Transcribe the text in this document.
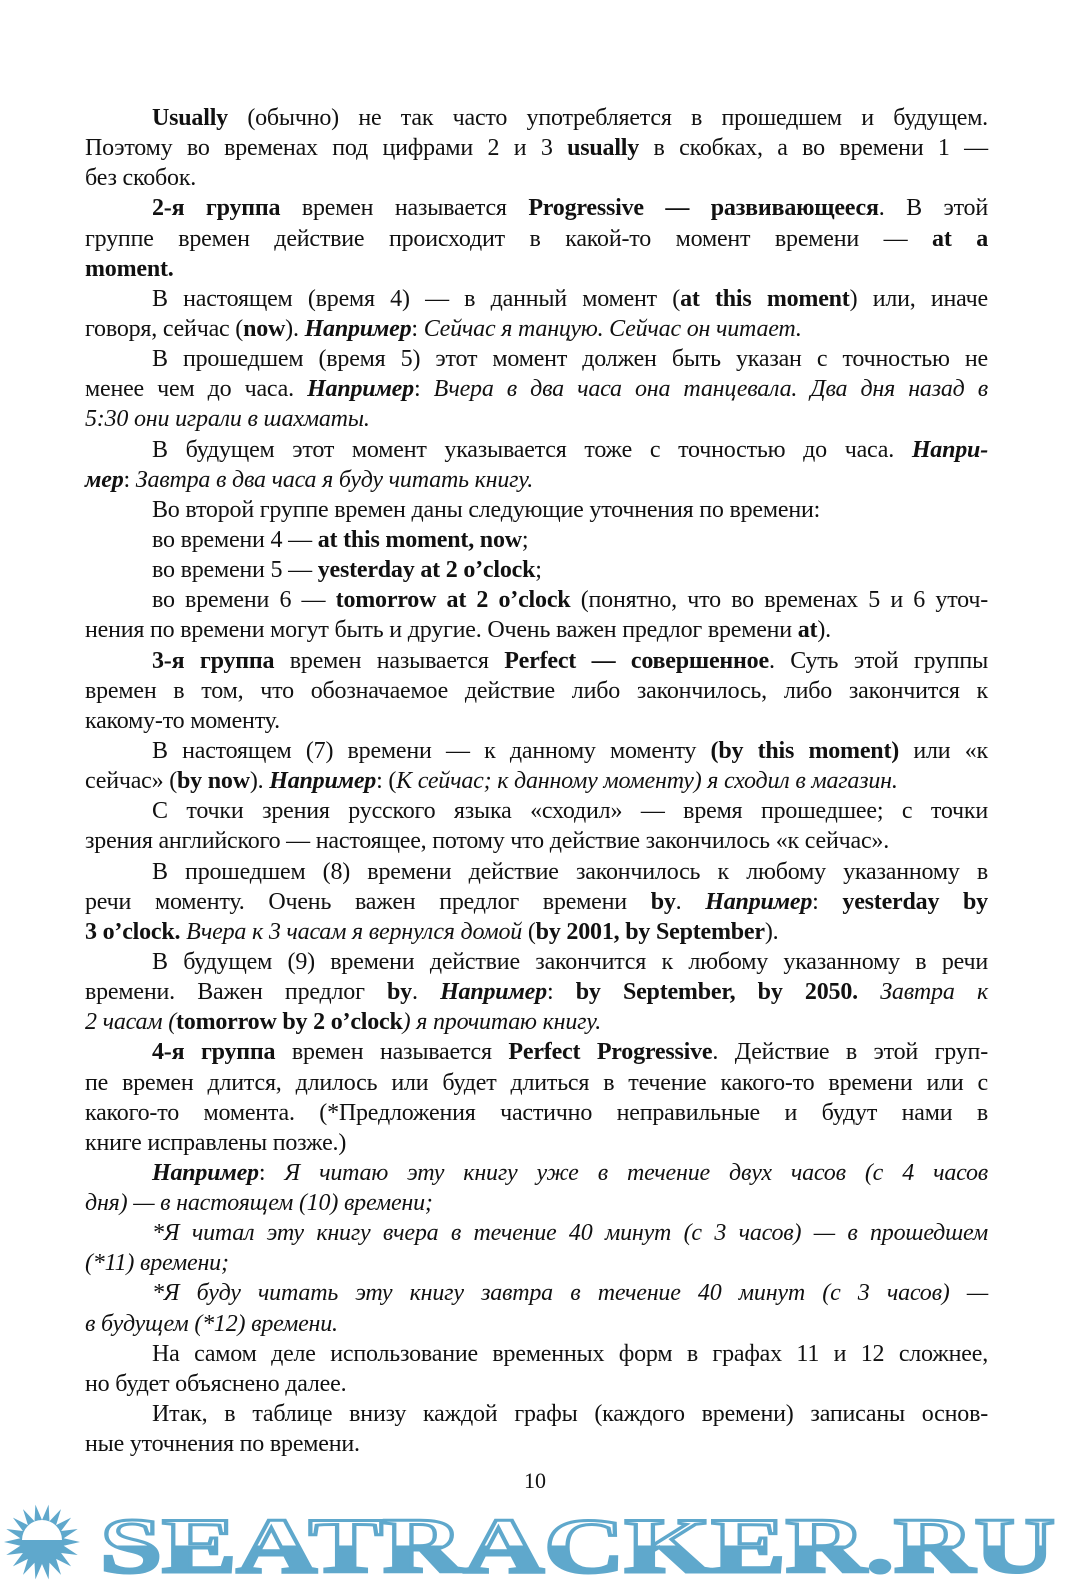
Usually (обычно) не так часто употребляется в прошедшем и будущем.
Поэтому во временах под цифрами 2 и 3 usually в скобках, а во времени 1 —
без скобок.
2-я группа времен называется Progressive — развивающееся. В этой
группе времен действие происходит в какой-то момент времени — at a
moment.
В настоящем (время 4) — в данный момент (at this moment) или, иначе
говоря, сейчас (now). Например: Сейчас я танцую. Сейчас он читает.
В прошедшем (время 5) этот момент должен быть указан с точностью не
менее чем до часа. Например: Вчера в два часа она танцевала. Два дня назад в
5:30 они играли в шахматы.
В будущем этот момент указывается тоже с точностью до часа. Напри-
мер: Завтра в два часа я буду читать книгу.
Во второй группе времен даны следующие уточнения по времени:
во времени 4 — at this moment, now;
во времени 5 — yesterday at 2 o’clock;
во времени 6 — tomorrow at 2 o’clock (понятно, что во временах 5 и 6 уточ-
нения по времени могут быть и другие. Очень важен предлог времени at).
3-я группа времен называется Perfect — совершенное. Суть этой группы
времен в том, что обозначаемое действие либо закончилось, либо закончится к
какому-то моменту.
В настоящем (7) времени — к данному моменту (by this moment) или «к
сейчас» (by now). Например: (К сейчас; к данному моменту) я сходил в магазин.
С точки зрения русского языка «сходил» — время прошедшее; с точки
зрения английского — настоящее, потому что действие закончилось «к сейчас».
В прошедшем (8) времени действие закончилось к любому указанному в
речи моменту. Очень важен предлог времени by. Например: yesterday by
3 o’clock. Вчера к 3 часам я вернулся домой (by 2001, by September).
В будущем (9) времени действие закончится к любому указанному в речи
времени. Важен предлог by. Например: by September, by 2050. Завтра к
2 часам (tomorrow by 2 o’clock) я прочитаю книгу.
4-я группа времен называется Perfect Progressive. Действие в этой груп-
пе времен длится, длилось или будет длиться в течение какого-то времени или с
какого-то момента. (*Предложения частично неправильные и будут нами в
книге исправлены позже.)
Например: Я читаю эту книгу уже в течение двух часов (с 4 часов
дня) — в настоящем (10) времени;
*Я читал эту книгу вчера в течение 40 минут (с 3 часов) — в прошедшем
(*11) времени;
*Я буду читать эту книгу завтра в течение 40 минут (с 3 часов) —
в будущем (*12) времени.
На самом деле использование временных форм в графах 11 и 12 сложнее,
но будет объяснено далее.
Итак, в таблице внизу каждой графы (каждого времени) записаны основ-
ные уточнения по времени.
10
SEATRACKER.RU
